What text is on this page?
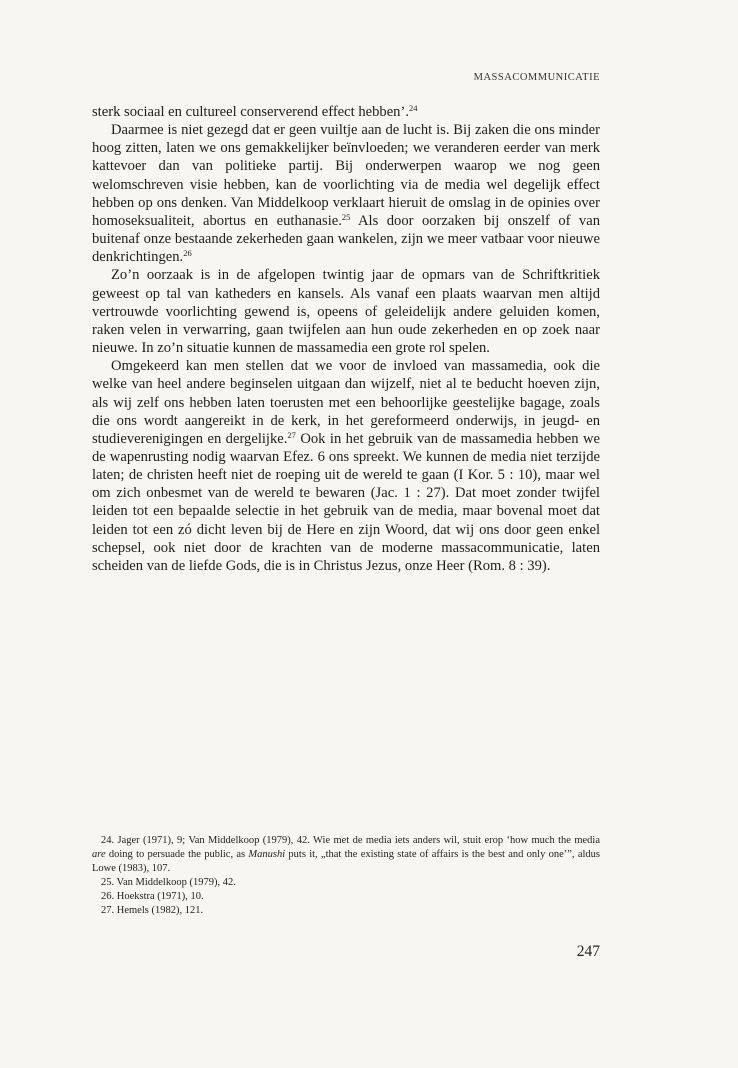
MASSACOMMUNICATIE

sterk sociaal en cultureel conserverend effect hebben’.$^{24}$

Daarmee is niet gezegd dat er geen vuiltje aan de lucht is. Bij zaken die ons minder hoog zitten, laten we ons gemakkelijker beïnvloeden; we veranderen eerder van merk kattevoer dan van politieke partij. Bij onderwerpen waarop we nog geen welomschreven visie hebben, kan de voorlichting via de media wel degelijk effect hebben op ons denken. Van Middelkoop verklaart hieruit de omslag in de opinies over homoseksualiteit, abortus en euthanasie.$^{25}$ Als door oorzaken bij onszelf of van buitenaf onze bestaande zekerheden gaan wankelen, zijn we meer vatbaar voor nieuwe denkrichtingen.$^{26}$

Zo’n oorzaak is in de afgelopen twintig jaar de opmars van de Schriftkritiek geweest op tal van katheders en kansels. Als vanaf een plaats waarvan men altijd vertrouwde voorlichting gewend is, opeens of geleidelijk andere geluiden komen, raken velen in verwarring, gaan twijfelen aan hun oude zekerheden en op zoek naar nieuwe. In zo’n situatie kunnen de massamedia een grote rol spelen.

Omgekeerd kan men stellen dat we voor de invloed van massamedia, ook die welke van heel andere beginselen uitgaan dan wijzelf, niet al te beducht hoeven zijn, als wij zelf ons hebben laten toerusten met een behoorlijke geestelijke bagage, zoals die ons wordt aangereikt in de kerk, in het gereformeerd onderwijs, in jeugd- en studieverenigingen en dergelijke.$^{27}$ Ook in het gebruik van de massamedia hebben we de wapenrusting nodig waarvan Efez. 6 ons spreekt. We kunnen de media niet terzijde laten; de christen heeft niet de roeping uit de wereld te gaan (I Kor. 5 : 10), maar wel om zich onbesmet van de wereld te bewaren (Jac. 1 : 27). Dat moet zonder twijfel leiden tot een bepaalde selectie in het gebruik van de media, maar bovenal moet dat leiden tot een zó dicht leven bij de Here en zijn Woord, dat wij ons door geen enkel schepsel, ook niet door de krachten van de moderne massacommunicatie, laten scheiden van de liefde Gods, die is in Christus Jezus, onze Heer (Rom. 8 : 39).

24. Jager (1971), 9; Van Middelkoop (1979), 42. Wie met de media iets anders wil, stuit erop ‘how much the media are doing to persuade the public, as Manushi puts it, „that the existing state of affairs is the best and only one’”, aldus Lowe (1983), 107.

25. Van Middelkoop (1979), 42.

26. Hoekstra (1971), 10.

27. Hemels (1982), 121.

247
